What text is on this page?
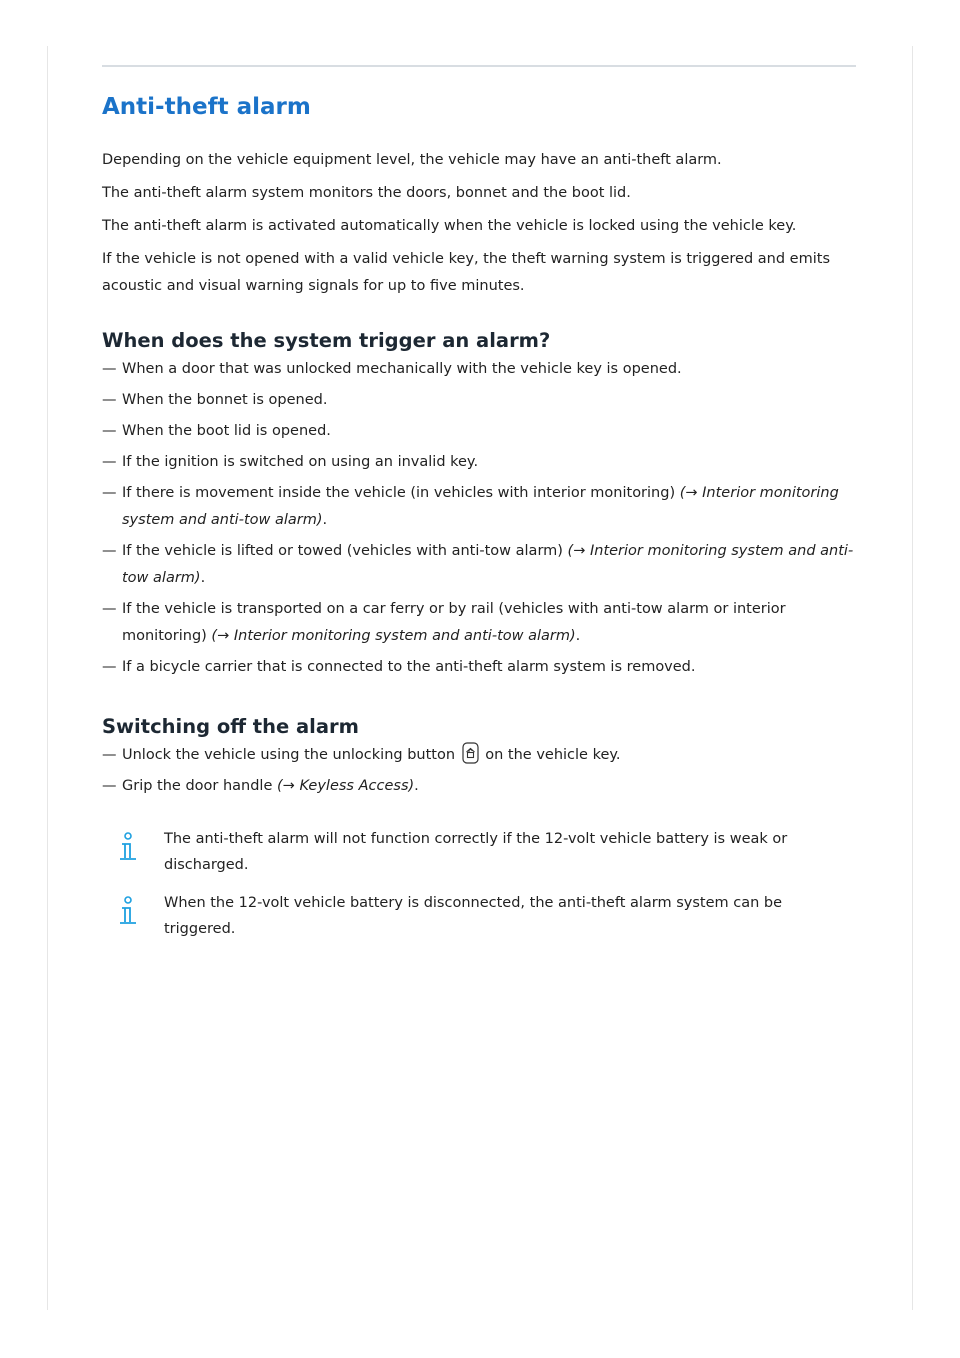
Anti-theft alarm

Depending on the vehicle equipment level, the vehicle may have an anti-theft alarm.

The anti-theft alarm system monitors the doors, bonnet and the boot lid.

The anti-theft alarm is activated automatically when the vehicle is locked using the vehicle key.

If the vehicle is not opened with a valid vehicle key, the theft warning system is triggered and emits acoustic and visual warning signals for up to five minutes.

When does the system trigger an alarm?
— When a door that was unlocked mechanically with the vehicle key is opened.
— When the bonnet is opened.
— When the boot lid is opened.
— If the ignition is switched on using an invalid key.
— If there is movement inside the vehicle (in vehicles with interior monitoring) (→ Interior monitoring system and anti-tow alarm).
— If the vehicle is lifted or towed (vehicles with anti-tow alarm) (→ Interior monitoring system and anti-tow alarm).
— If the vehicle is transported on a car ferry or by rail (vehicles with anti-tow alarm or interior monitoring) (→ Interior monitoring system and anti-tow alarm).
— If a bicycle carrier that is connected to the anti-theft alarm system is removed.
Switching off the alarm
— Unlock the vehicle using the unlocking button  on the vehicle key.
— Grip the door handle (→ Keyless Access).
The anti-theft alarm will not function correctly if the 12-volt vehicle battery is weak or discharged.
When the 12-volt vehicle battery is disconnected, the anti-theft alarm system can be triggered.
